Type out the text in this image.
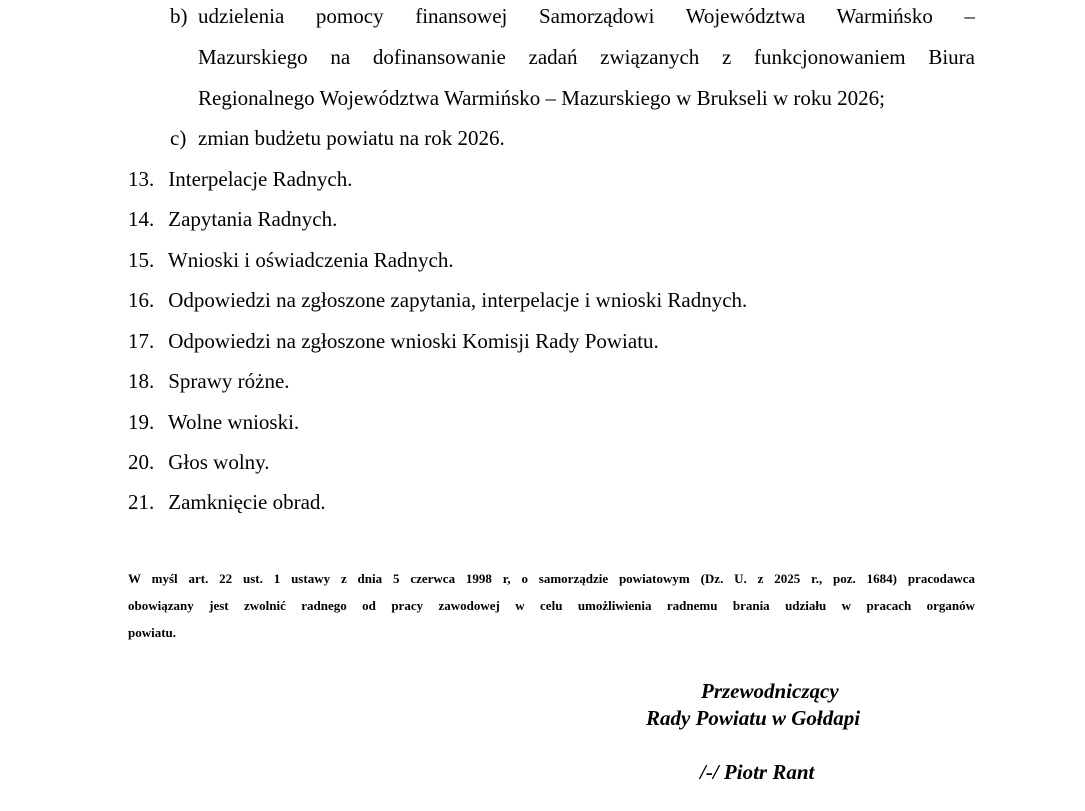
b) udzielenia pomocy finansowej Samorządowi Województwa Warmińsko –
Mazurskiego na dofinansowanie zadań związanych z funkcjonowaniem Biura
Regionalnego Województwa Warmińsko – Mazurskiego w Brukseli w roku 2026;
c) zmian budżetu powiatu na rok 2026.
13. Interpelacje Radnych.
14. Zapytania Radnych.
15. Wnioski i oświadczenia Radnych.
16. Odpowiedzi na zgłoszone zapytania, interpelacje i wnioski Radnych.
17. Odpowiedzi na zgłoszone wnioski Komisji Rady Powiatu.
18. Sprawy różne.
19. Wolne wnioski.
20. Głos wolny.
21. Zamknięcie obrad.
W myśl art. 22 ust. 1 ustawy z dnia 5 czerwca 1998 r, o samorządzie powiatowym (Dz. U. z 2025 r., poz. 1684) pracodawca
obowiązany jest zwolnić radnego od pracy zawodowej w celu umożliwienia radnemu brania udziału w pracach organów
powiatu.
Przewodniczący
Rady Powiatu w Gołdapi
/-/ Piotr Rant
